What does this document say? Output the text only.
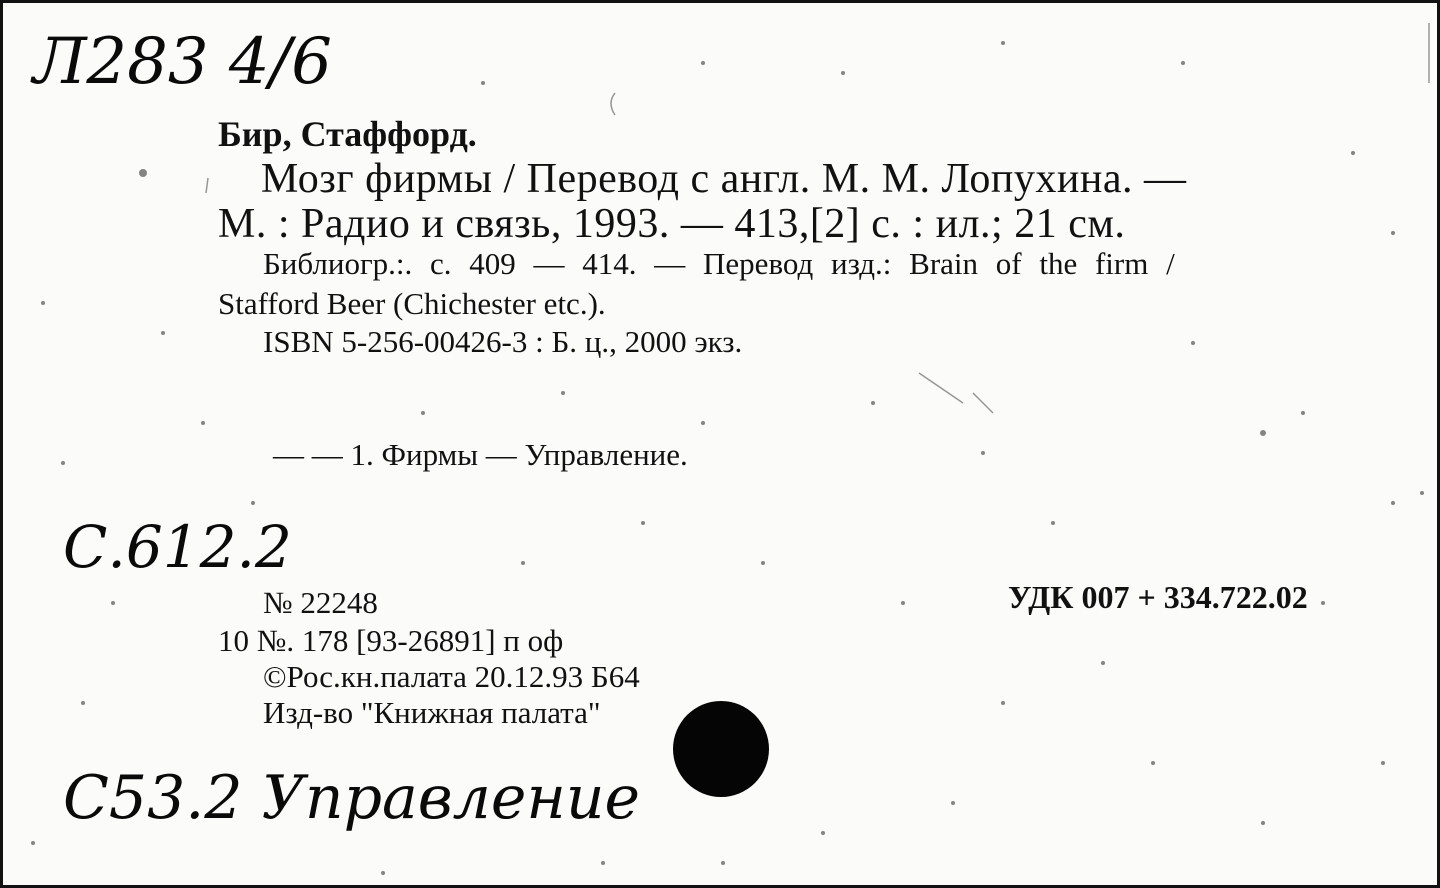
Л283 4/6
Бир, Стаффорд.
Мозг фирмы / Перевод с англ. М. М. Лопухина. —
М. : Радио и связь, 1993. — 413,[2] с. : ил.; 21 см.
Библиогр.:. с. 409 — 414. — Перевод изд.: Brain of the firm /
Stafford Beer (Chichester etc.).
ISBN 5-256-00426-3 : Б. ц., 2000 экз.
— — 1. Фирмы — Управление.
С.612.2
№ 22248	УДК 007 + 334.722.02
10 №. 178 [93-26891] п оф
©Рос.кн.палата 20.12.93 Б64
Изд-во "Книжная палата"
С53.2 Управление
